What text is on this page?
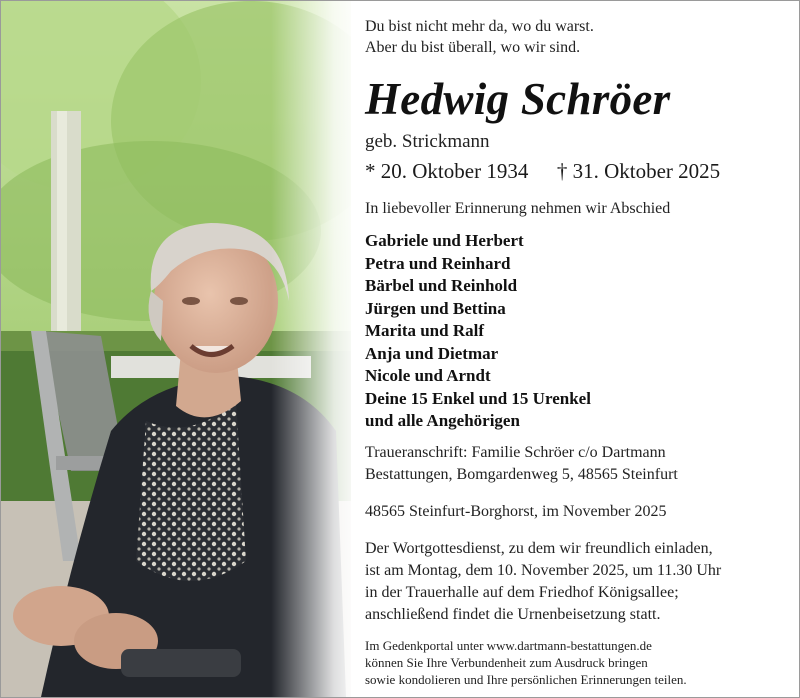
Du bist nicht mehr da, wo du warst.
Aber du bist überall, wo wir sind.
Hedwig Schröer
geb. Strickmann
* 20. Oktober 1934 † 31. Oktober 2025
In liebevoller Erinnerung nehmen wir Abschied
Gabriele und Herbert
Petra und Reinhard
Bärbel und Reinhold
Jürgen und Bettina
Marita und Ralf
Anja und Dietmar
Nicole und Arndt
Deine 15 Enkel und 15 Urenkel
und alle Angehörigen
Traueranschrift: Familie Schröer c/o Dartmann
Bestattungen, Bomgardenweg 5, 48565 Steinfurt
48565 Steinfurt-Borghorst, im November 2025
Der Wortgottesdienst, zu dem wir freundlich einladen,
ist am Montag, dem 10. November 2025, um 11.30 Uhr
in der Trauerhalle auf dem Friedhof Königsallee;
anschließend findet die Urnenbeisetzung statt.
Im Gedenkportal unter www.dartmann-bestattungen.de
können Sie Ihre Verbundenheit zum Ausdruck bringen
sowie kondolieren und Ihre persönlichen Erinnerungen teilen.
